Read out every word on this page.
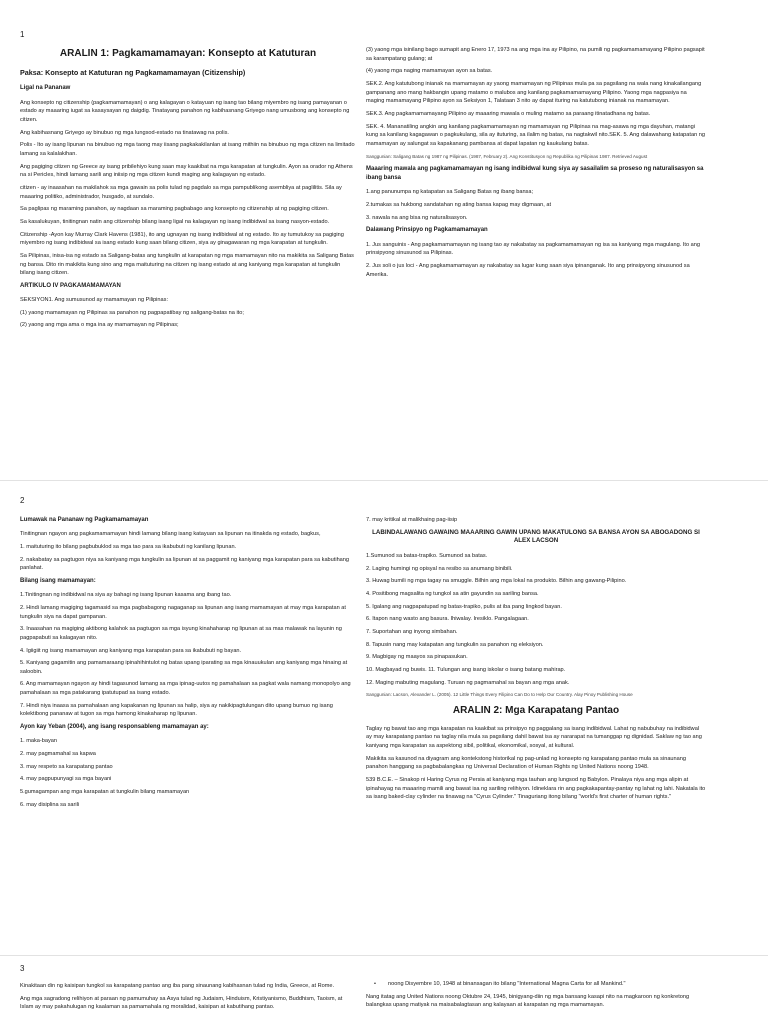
1
ARALIN 1: Pagkamamamayan: Konsepto at Katuturan
Paksa: Konsepto at Katuturan ng Pagkamamamayan (Citizenship)
Ligal na Pananaw

Ang konsepto ng citizenship (pagkamamamayan) o ang kalagayan o katayuan ng isang tao bilang miyembro ng isang pamayanan o estado ay maaaring iugat sa kasaysayan ng daigdig. Tinatayang panahon ng kabihasnang Griyego nang umusbong ang konsepto ng citizen.

Ang kabihasnang Griyego ay binubuo ng mga lungsod-estado na tinatawag na polis.

Polis - Ito ay isang lipunan na binubuo ng mga taong may iisang pagkakakilanlan at isang mithiin na binubuo ng mga citizen na limitado lamang sa kalalakihan.

Ang pagiging citizen ng Greece ay isang pribilehiyo kung saan may kaakibat na mga karapatan at tungkulin. Ayon sa orador ng Athens na si Pericles, hindi lamang sarili ang iniisip ng mga citizen kundi maging ang kalagayan ng estado.

citizen - ay inaasahan na makilahok sa mga gawain sa polis tulad ng pagdalo sa mga pampublikong asembliya at paglilitis. Sila ay maaaring politiko, administrador, husgado, at sundalo.

Sa paglipas ng maraming panahon, ay nagdaan sa maraming pagbabago ang konsepto ng citizenship at ng pagiging citizen.

Sa kasalukuyan, tinitingnan natin ang citizenship bilang isang ligal na kalagayan ng isang indibidwal sa isang nasyon-estado.

Citizenship -Ayon kay Murray Clark Havens (1981), ito ang ugnayan ng isang indibidwal at ng estado. Ito ay tumutukoy sa pagiging miyembro ng isang indibidwal sa isang estado kung saan bilang citizen, siya ay ginagawaran ng mga karapatan at tungkulin.

Sa Pilipinas, inisa-isa ng estado sa Saligang-batas ang tungkulin at karapatan ng mga mamamayan nito na makikita sa Saligang Batas ng bansa. Dito rin makikita kung sino ang mga maituturing na citizen ng isang estado at ang kaniyang mga karapatan at tungkulin bilang isang citizen.

ARTIKULO IV PAGKAMAMAMAYAN

SEKSIYON1. Ang sumusunod ay mamamayan ng Pilipinas:

(1) yaong mamamayan ng Pilipinas sa panahon ng pagpapatibay ng saligang-batas na ito;

(2) yaong ang mga ama o mga ina ay mamamayan ng Pilipinas;

(3) yaong mga isinilang bago sumapit ang Enero 17, 1973 na ang mga ina ay Pilipino, na pumili ng pagkamamamayang Pilipino pagsapit sa karampatang gulang; at

(4) yaong mga naging mamamayan ayon sa batas.

SEK.2. Ang katutubong inianak na mamamayan ay yaong mamamayan ng Pilipinas mula pa sa pagsilang na wala nang kinakailangang gampanang ano mang hakbangin upang matamo o malubos ang kanilang pagkamamamayang Pilipino. Yaong mga nagpasiya na maging mamamayang Pilipino ayon sa Seksiyon 1, Talataan 3 nito ay dapat ituring na katutubong inianak na mamamayan.

SEK.3. Ang pagkamamamayang Pilipino ay maaaring mawala o muling matamo sa paraang itinatadhana ng batas.

SEK. 4. Mananatiling angkin ang kanilang pagkamamamayan ng mamamayan ng Pilipinas na mag-asawa ng mga dayuhan, matangi kung sa kanilang kagagawan o pagkukulang, sila ay ituturing, sa ilalim ng batas, na nagtakwil nito.SEK. 5. Ang dalawahang katapatan ng mamamayan ay salungat sa kapakanang pambansa at dapat lapatan ng kaukulang batas.

Sanggunian: Saligang Batas ng 1987 ng Pilipinas. (1987, February 2). Ang Konstitusyon ng Republika ng Pilipinas 1987. Retrieved August
Maaaring mawala ang pagkamamamayan ng isang indibidwal kung siya ay sasailalim sa proseso ng naturalisasyon sa ibang bansa

1.ang panunumpa ng katapatan sa Saligang Batas ng ibang bansa;

2.tumakas sa hukbong sandatahan ng ating bansa kapag may digmaan, at

3. nawala na ang bisa ng naturalisasyon.

Dalawang Prinsipyo ng Pagkamamamayan

1. Jus sanguinis - Ang pagkamamamayan ng isang tao ay nakabatay sa pagkamamamayan ng isa sa kaniyang mga magulang. Ito ang prinsipyong sinusunod sa Pilipinas.

2. Jus soli o jus loci - Ang pagkamamamayan ay nakabatay sa lugar kung saan siya ipinanganak. Ito ang prinsipyong sinusunod sa Amerika.

2
Lumawak na Pananaw ng Pagkamamamayan

Tinitingnan ngayon ang pagkamamamayan hindi lamang bilang isang katayuan sa lipunan na itinakda ng estado, bagkus,

1. maituturing ito bilang pagbubuklod sa mga tao para sa ikabubuti ng kanilang lipunan.

2. nakabatay sa pagtugon niya sa kaniyang mga tungkulin sa lipunan at sa paggamit ng kaniyang mga karapatan para sa kabutihang panlahat.

Bilang isang mamamayan:

1.Tinitingnan ng indibidwal na siya ay bahagi ng isang lipunan kasama ang ibang tao.

2. Hindi lamang magiging tagamasid sa mga pagbabagong nagaganap sa lipunan ang isang mamamayan at may mga karapatan at tungkulin siya na dapat gampanan.

3. Inaasahan na magiging aktibong kalahok sa pagtugon sa mga isyung kinahaharap ng lipunan at sa mas malawak na layunin ng pagpapabuti sa kalagayan nito.

4. Igiigiit ng isang mamamayan ang kaniyang mga karapatan para sa ikabubuti ng bayan.

5. Kaniyang gagamitin ang pamamaraang ipinahihintulot ng batas upang iparating sa mga kinauukulan ang kaniyang mga hinaing at saloobin.

6. Ang mamamayan ngayon ay hindi tagasunod lamang sa mga ipinag-uutos ng pamahalaan sa pagkat wala namang monopolyo ang pamahalaan sa mga patakarang ipatutupad sa isang estado.

7. Hindi niya inaasa sa pamahalaan ang kapakanan ng lipunan sa halip, siya ay nakikipagtulungan dito upang bumuo ng isang kolektibong pananaw at tugon sa mga hamong kinakaharap ng lipunan.

Ayon kay Yeban (2004), ang isang responsableng mamamayan ay:

1. maka-bayan

2. may pagmamahal sa kapwa

3. may respeto sa karapatang pantao

4. may pagpupunyagi sa mga bayani

5.gumagampan ang mga karapatan at tungkulin bilang mamamayan

6. may disiplina sa sarili

7. may kritikal at malikhaing pag-iisip

LABINDALAWANG GAWAING MAAARING GAWIN UPANG MAKATULONG SA BANSA AYON SA ABOGADONG SI ALEX LACSON

1.Sumunod sa batas-trapiko. Sumunod sa batas.

2. Laging humingi ng opisyal na resibo sa anumang binibili.

3. Huwag bumili ng mga tagay na smuggle. Bilhin ang mga lokal na produkto. Bilhin ang gawang-Pilipino.

4. Positibong magsalita ng tungkol sa atin gayundin sa sariling bansa.

5. Igalang ang nagpapatupad ng batas-trapiko, pulis at iba pang lingkod bayan.

6. Itapon nang wasto ang basura. Ihiwalay. Iresiklo. Pangalagaan.

7. Suportahan ang inyong simbahan.

8. Tapusin nang may katapatan ang tungkulin sa panahon ng eleksiyon.

9. Magbigay ng maayos sa pinapasukan.

10. Magbayad ng buwis. 11. Tulungan ang isang iskolar o isang batang mahirap.

12. Maging mabuting magulang. Turuan ng pagmamahal sa bayan ang mga anak.

Sanggunian: Lacson, Alexander L. (2005). 12 Little Things Every Filipino Can Do to Help Our Country. Alay Pinoy Publishing House
ARALIN 2: Mga Karapatang Pantao

Taglay ng bawat tao ang mga karapatan na kaakibat sa prinsipyo ng paggalang sa isang indibidwal. Lahat ng nabubuhay na indibidwal ay may karapatang pantao na taglay nila mula sa pagsilang dahil bawat isa ay nararapat na tumanggap ng dignidad. Saklaw ng tao ang kaniyang mga karapatan sa aspektong sibil, politikal, ekonomikal, sosyal, at kultural.

Makikita sa kasunod na diyagram ang kontekstong historikal ng pag-unlad ng konsepto ng karapatang pantao mula sa sinaunang panahon hanggang sa pagbabalangkas ng Universal Declaration of Human Rights ng United Nations noong 1948.

539 B.C.E. – Sinakop ni Haring Cyrus ng Persia at kaniyang mga tauhan ang lungsod ng Babylon. Pinalaya niya ang mga alipin at ipinahayag na maaaring mamili ang bawat isa ng sariling relihiyon. Idineklara rin ang pagkakapantay-pantay ng lahat ng lahi. Nakatala ito sa isang baked-clay cylinder na tinawag na "Cyrus Cylinder." Tinaguriang itong bilang "world's first charter of human rights."

3

Kinakitaan din ng kaisipan tungkol sa karapatang pantao ang iba pang sinaunang kabihasnan tulad ng India, Greece, at Rome.

Ang mga sagradong relihiyon at paraan ng pamumuhay sa Asya tulad ng Judaism, Hinduism, Kristiyanismo, Buddhism, Taoism, at Islam ay may pakahulugan ng kaalaman sa pamamahala ng moralidad, kaisipan at kabutihang pantao.

• noong Disyembre 10, 1948 at binansagan ito bilang "International Magna Carta for all Mankind."

Nang itatag ang United Nations noong Oktubre 24, 1945, binigyang-diin ng mga bansang kasapi nito na magkaroon ng konkretong balangkas upang matiyak na maisabalagtasan ang kalayaan at karapatan ng mga mamamayan.
